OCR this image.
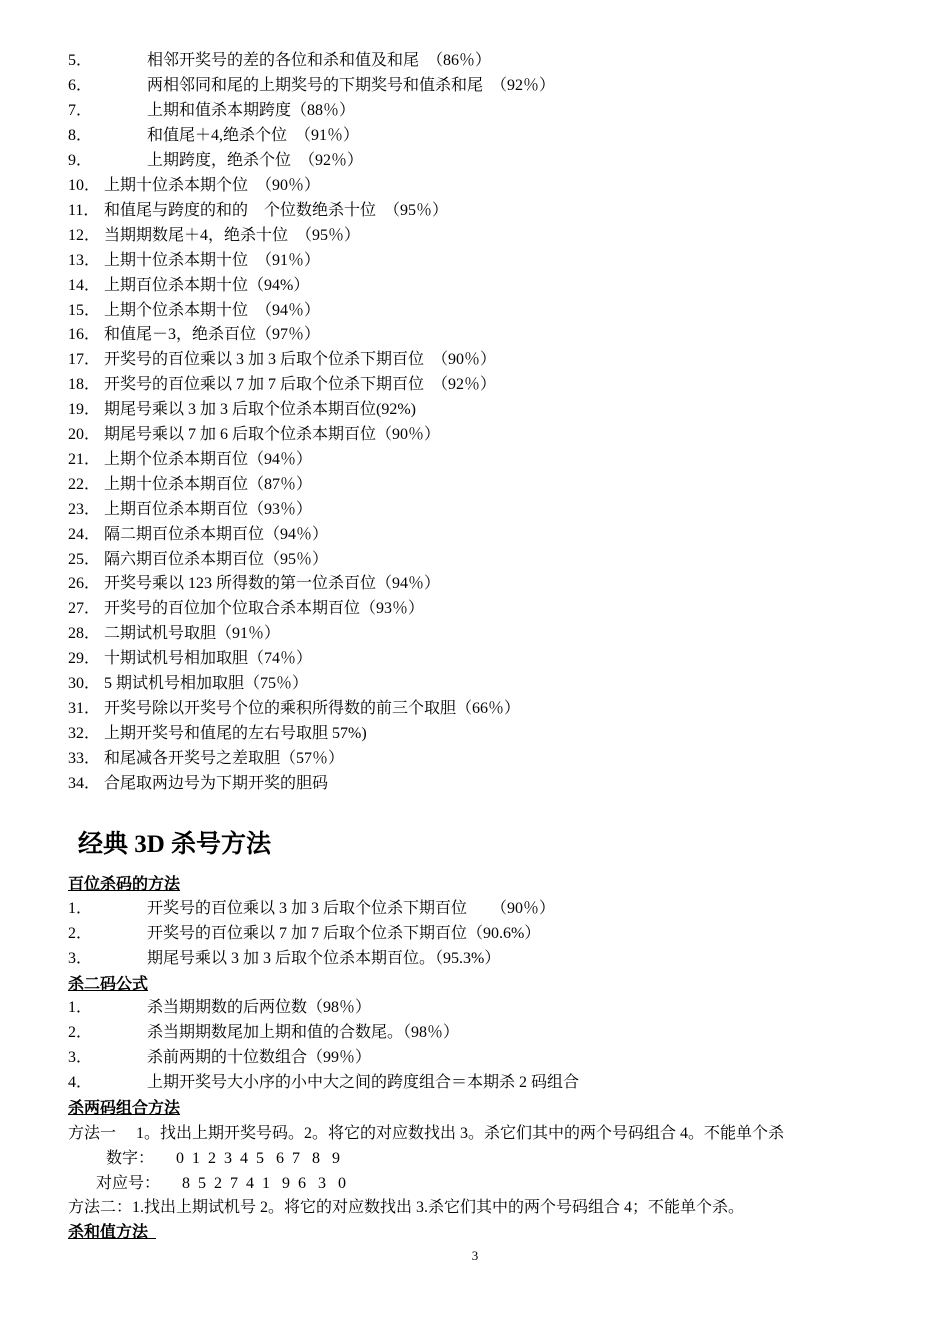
5．	相邻开奖号的差的各位和杀和值及和尾　（86％）
6．	两相邻同和尾的上期奖号的下期奖号和值杀和尾　（92％）
7．	上期和值杀本期跨度（88％）
8．	和值尾＋4,绝杀个位　（91％）
9．	上期跨度，绝杀个位　（92％）
10． 上期十位杀本期个位　（90％）
11． 和值尾与跨度的和的　个位数绝杀十位　（95％）
12． 当期期数尾＋4，绝杀十位　（95％）
13． 上期十位杀本期十位　（91％）
14． 上期百位杀本期十位（94%）
15． 上期个位杀本期十位　（94％）
16． 和值尾－3，绝杀百位（97％）
17． 开奖号的百位乘以 3 加 3 后取个位杀下期百位　（90％）
18． 开奖号的百位乘以 7 加 7 后取个位杀下期百位　（92％）
19． 期尾号乘以 3 加 3 后取个位杀本期百位(92%)
20． 期尾号乘以 7 加 6 后取个位杀本期百位（90％）
21． 上期个位杀本期百位（94％）
22． 上期十位杀本期百位（87％）
23． 上期百位杀本期百位（93％）
24． 隔二期百位杀本期百位（94％）
25． 隔六期百位杀本期百位（95％）
26． 开奖号乘以 123 所得数的第一位杀百位（94％）
27． 开奖号的百位加个位取合杀本期百位（93％）
28． 二期试机号取胆（91％）
29． 十期试机号相加取胆（74％）
30． 5 期试机号相加取胆（75％）
31． 开奖号除以开奖号个位的乘积所得数的前三个取胆（66％）
32． 上期开奖号和值尾的左右号取胆 57%)
33． 和尾减各开奖号之差取胆（57％）
34． 合尾取两边号为下期开奖的胆码
经典 3D 杀号方法
百位杀码的方法
1．	开奖号的百位乘以 3 加 3 后取个位杀下期百位　　（90％）
2．	开奖号的百位乘以 7 加 7 后取个位杀下期百位（90.6%）
3．	期尾号乘以 3 加 3 后取个位杀本期百位。（95.3%）
杀二码公式
1．	杀当期期数的后两位数（98％）
2．	杀当期期数尾加上期和值的合数尾。（98％）
3．	杀前两期的十位数组合（99％）
4．	上期开奖号大小序的小中大之间的跨度组合＝本期杀 2 码组合
杀两码组合方法
方法一 1。找出上期开奖号码。2。将它的对应数找出 3。杀它们其中的两个号码组合 4。不能单个杀
数字： 0  1  2  3  4  5   6  7   8   9
对应号： 8  5  2  7  4  1   9  6   3   0
方法二：1.找出上期试机号 2。将它的对应数找出 3.杀它们其中的两个号码组合 4；不能单个杀。
杀和值方法
3
